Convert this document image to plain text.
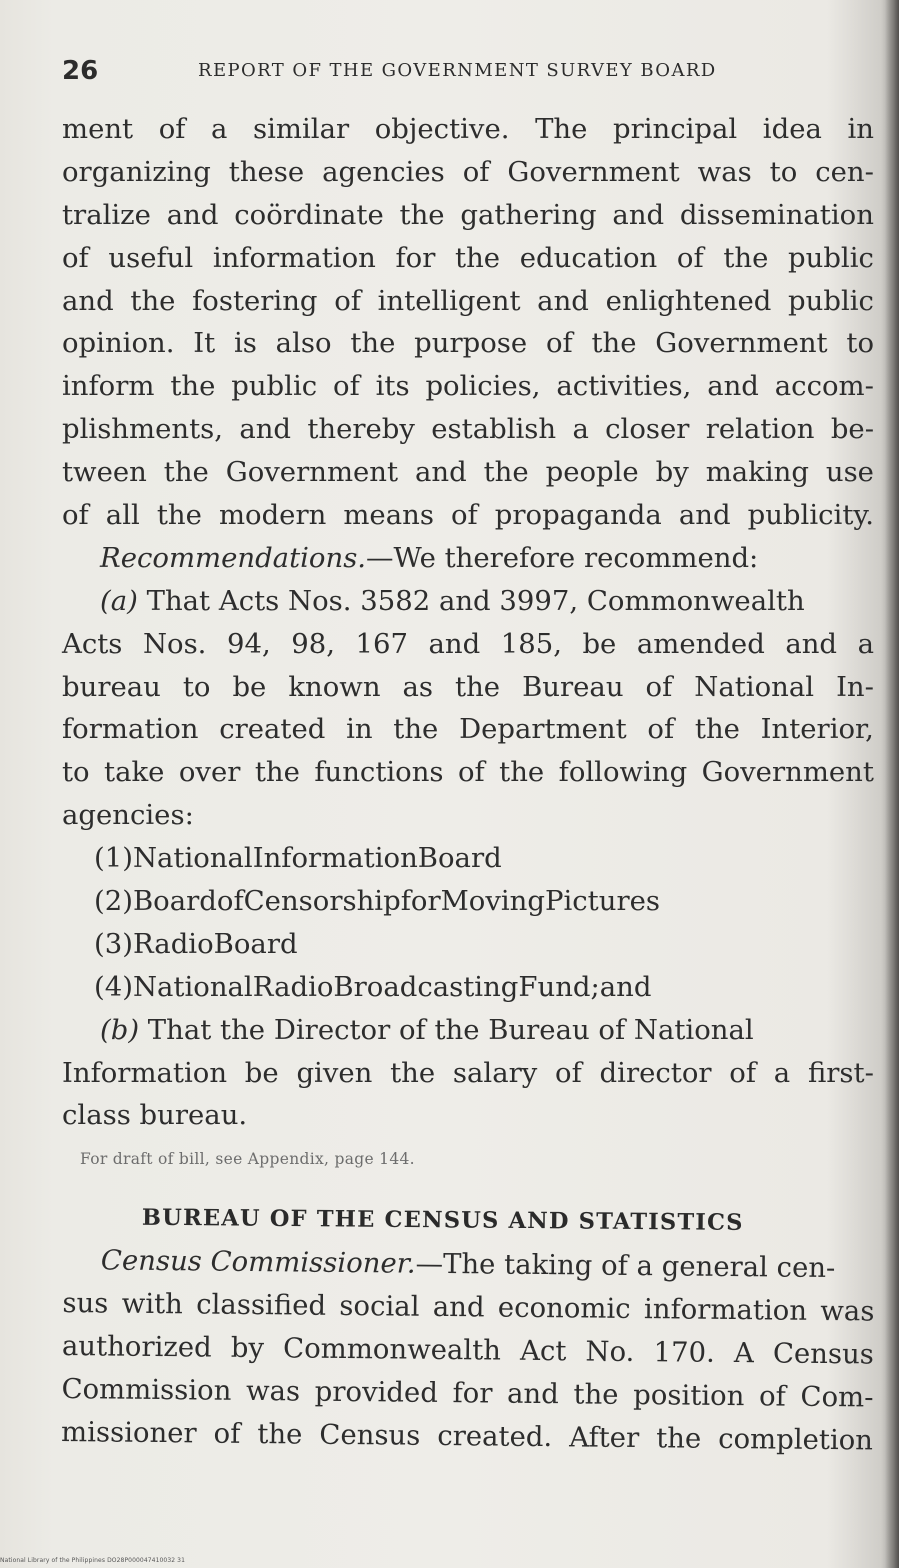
26	REPORT OF THE GOVERNMENT SURVEY BOARD
ment of a similar objective. The principal idea in
organizing these agencies of Government was to cen-
tralize and coördinate the gathering and dissemination
of useful information for the education of the public
and the fostering of intelligent and enlightened public
opinion. It is also the purpose of the Government to
inform the public of its policies, activities, and accom-
plishments, and thereby establish a closer relation be-
tween the Government and the people by making use
of all the modern means of propaganda and publicity.
Recommendations.—We therefore recommend:
(a) That Acts Nos. 3582 and 3997, Commonwealth
Acts Nos. 94, 98, 167 and 185, be amended and a
bureau to be known as the Bureau of National In-
formation created in the Department of the Interior,
to take over the functions of the following Government
agencies:
(1)NationalInformationBoard
(2)BoardofCensorshipforMovingPictures
(3)RadioBoard
(4)NationalRadioBroadcastingFund;and
(b) That the Director of the Bureau of National
Information be given the salary of director of a first-
class bureau.
For draft of bill, see Appendix, page 144.
BUREAU OF THE CENSUS AND STATISTICS
Census Commissioner.—The taking of a general cen-
sus with classified social and economic information was
authorized by Commonwealth Act No. 170. A Census
Commission was provided for and the position of Com-
missioner of the Census created. After the completion
National Library of the Philippines DO28P000047410032 31
